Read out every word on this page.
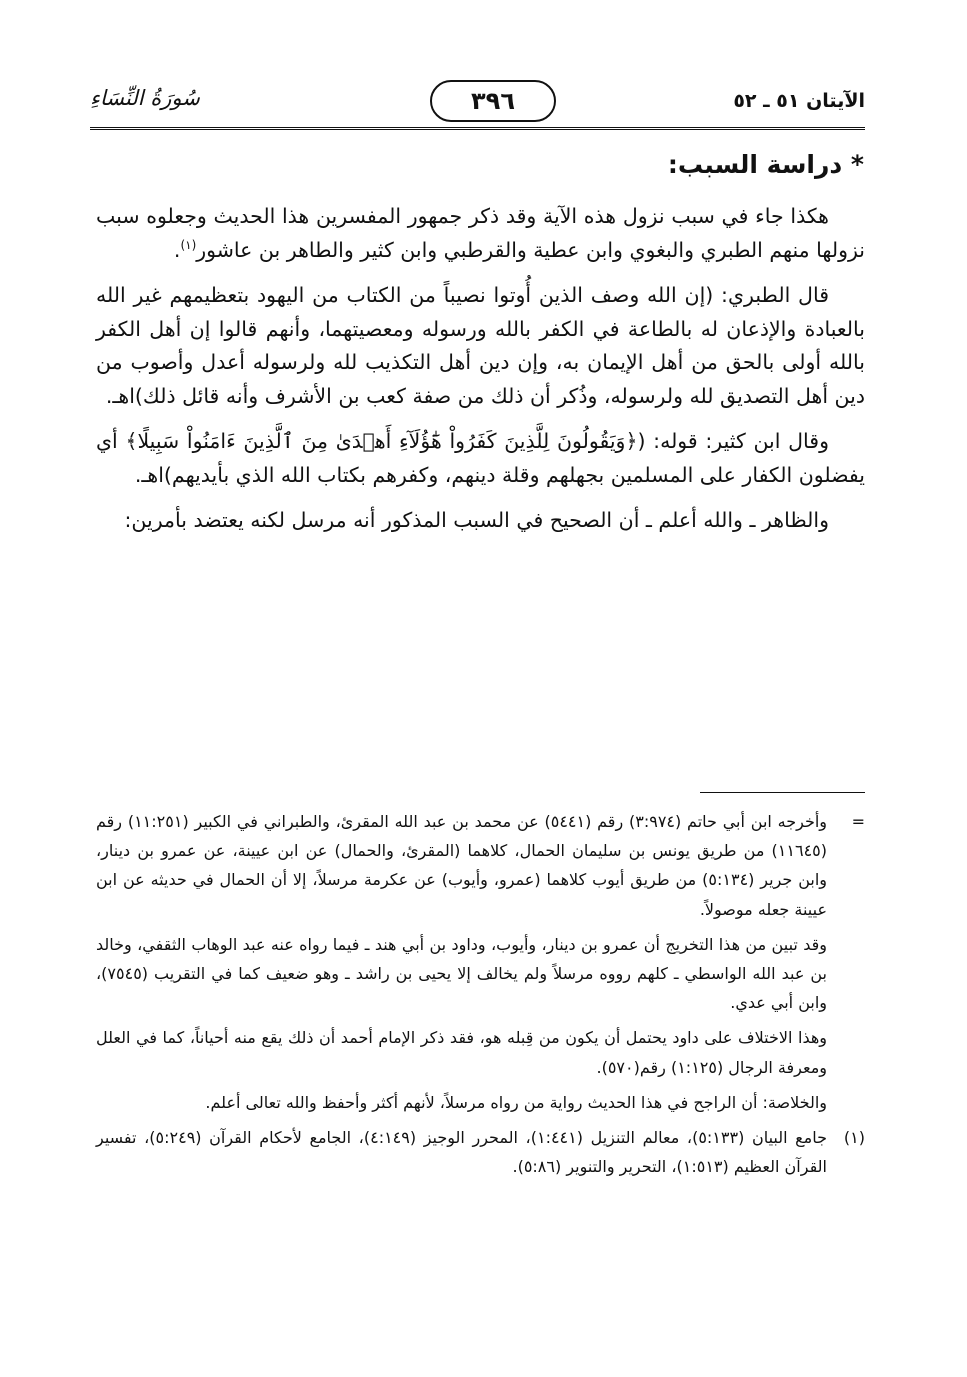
الآيتان ٥١ ـ ٥٢
٣٩٦
سُورَةُ النِّسَاءِ
* دراسة السبب:

هكذا جاء في سبب نزول هذه الآية وقد ذكر جمهور المفسرين هذا الحديث وجعلوه سبب نزولها منهم الطبري والبغوي وابن عطية والقرطبي وابن كثير والطاهر بن عاشور$^{(١)}$.

قال الطبري: (إن الله وصف الذين أُوتوا نصيباً من الكتاب من اليهود بتعظيمهم غير الله بالعبادة والإذعان له بالطاعة في الكفر بالله ورسوله ومعصيتهما، وأنهم قالوا إن أهل الكفر بالله أولى بالحق من أهل الإيمان به، وإن دين أهل التكذيب لله ولرسوله أعدل وأصوب من دين أهل التصديق لله ولرسوله، وذُكر أن ذلك من صفة كعب بن الأشرف وأنه قائل ذلك)اهـ.

وقال ابن كثير: قوله: (﴿وَيَقُولُونَ لِلَّذِينَ كَفَرُواْ هَٰٓؤُلَآءِ أَهۡدَىٰ مِنَ ٱلَّذِينَ ءَامَنُواْ سَبِيلًا﴾ أي يفضلون الكفار على المسلمين بجهلهم وقلة دينهم، وكفرهم بكتاب الله الذي بأيديهم)اهـ.

والظاهر ـ والله أعلم ـ أن الصحيح في السبب المذكور أنه مرسل لكنه يعتضد بأمرين:

=
وأخرجه ابن أبي حاتم (٣:٩٧٤) رقم (٥٤٤١) عن محمد بن عبد الله المقرئ، والطبراني في الكبير (١١:٢٥١) رقم (١١٦٤٥) من طريق يونس بن سليمان الحمال، كلاهما (المقرئ، والحمال) عن ابن عيينة، عن عمرو بن دينار، وابن جرير (٥:١٣٤) من طريق أيوب كلاهما (عمرو، وأيوب) عن عكرمة مرسلاً، إلا أن الحمال في حديثه عن ابن عيينة جعله موصولاً.
وقد تبين من هذا التخريج أن عمرو بن دينار، وأيوب، وداود بن أبي هند ـ فيما رواه عنه عبد الوهاب الثقفي، وخالد بن عبد الله الواسطي ـ كلهم رووه مرسلاً ولم يخالف إلا يحيى بن راشد ـ وهو ضعيف كما في التقريب (٧٥٤٥)، وابن أبي عدي.
وهذا الاختلاف على داود يحتمل أن يكون من قِبله هو، فقد ذكر الإمام أحمد أن ذلك يقع منه أحياناً، كما في العلل ومعرفة الرجال (١:١٢٥) رقم(٥٧٠).
والخلاصة: أن الراجح في هذا الحديث رواية من رواه مرسلاً، لأنهم أكثر وأحفظ والله تعالى أعلم.
(١)
جامع البيان (٥:١٣٣)، معالم التنزيل (١:٤٤١)، المحرر الوجيز (٤:١٤٩)، الجامع لأحكام القرآن (٥:٢٤٩)، تفسير القرآن العظيم (١:٥١٣)، التحرير والتنوير (٥:٨٦).
